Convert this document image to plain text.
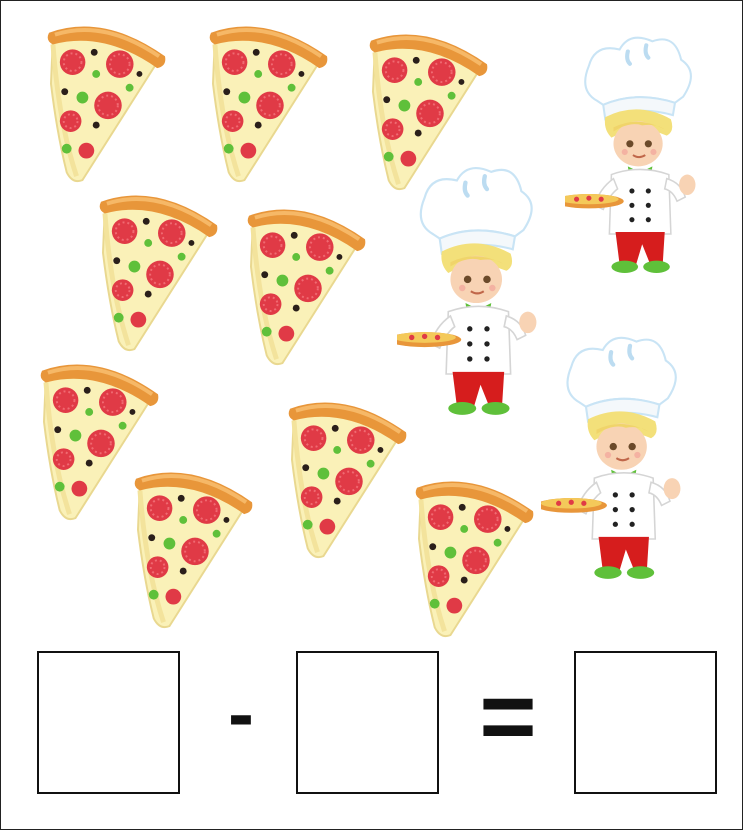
- =
